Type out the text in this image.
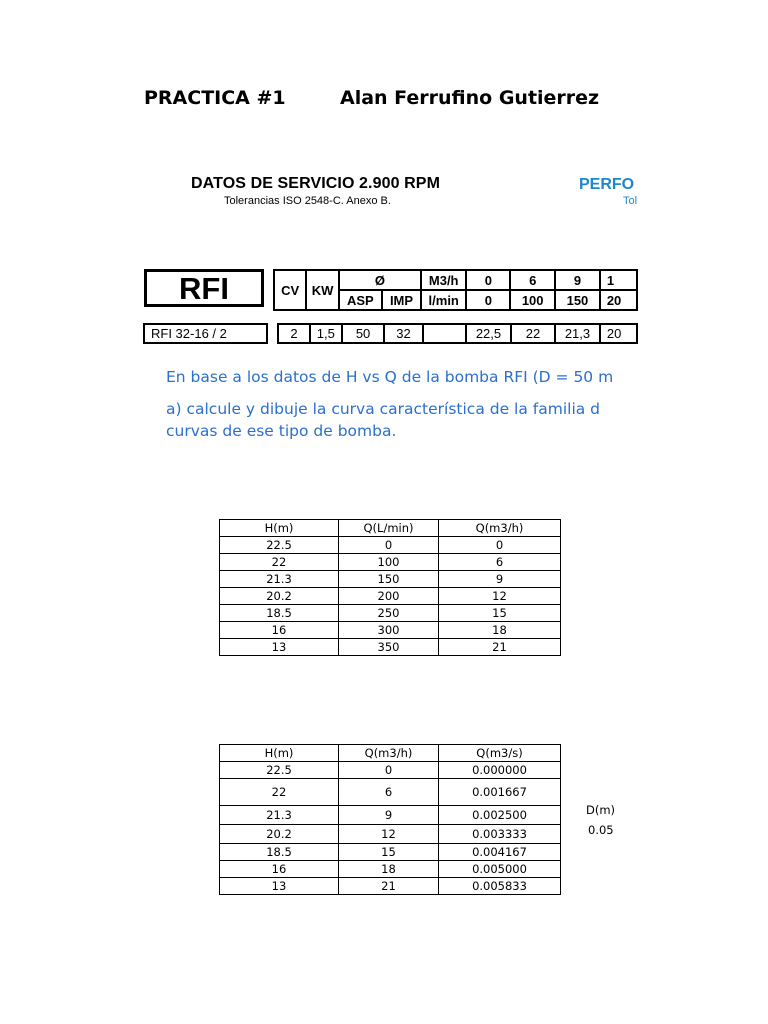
PRACTICA #1	Alan Ferrufino Gutierrez
DATOS DE SERVICIO 2.900 RPM
Tolerancias ISO 2548-C. Anexo B.
PERFO
Tol
RFI	CV	KW	Ø		M3/h	0	6	9	1
		ASP	IMP	l/min	0	100	150	20
RFI 32-16 / 2		2	1,5	50	32		22,5	22	21,3	20
En base a los datos de H vs Q de la bomba RFI (D = 50 m
a) calcule y dibuje la curva característica de la familia d
curvas de ese tipo de bomba.
H(m)	Q(L/min)	Q(m3/h)
22.5	0	0
22	100	6
21.3	150	9
20.2	200	12
18.5	250	15
16	300	18
13	350	21
H(m)	Q(m3/h)	Q(m3/s)
22.5	0	0.000000
22	6	0.001667
21.3	9	0.002500
20.2	12	0.003333
18.5	15	0.004167
16	18	0.005000
13	21	0.005833
D(m)
0.05
